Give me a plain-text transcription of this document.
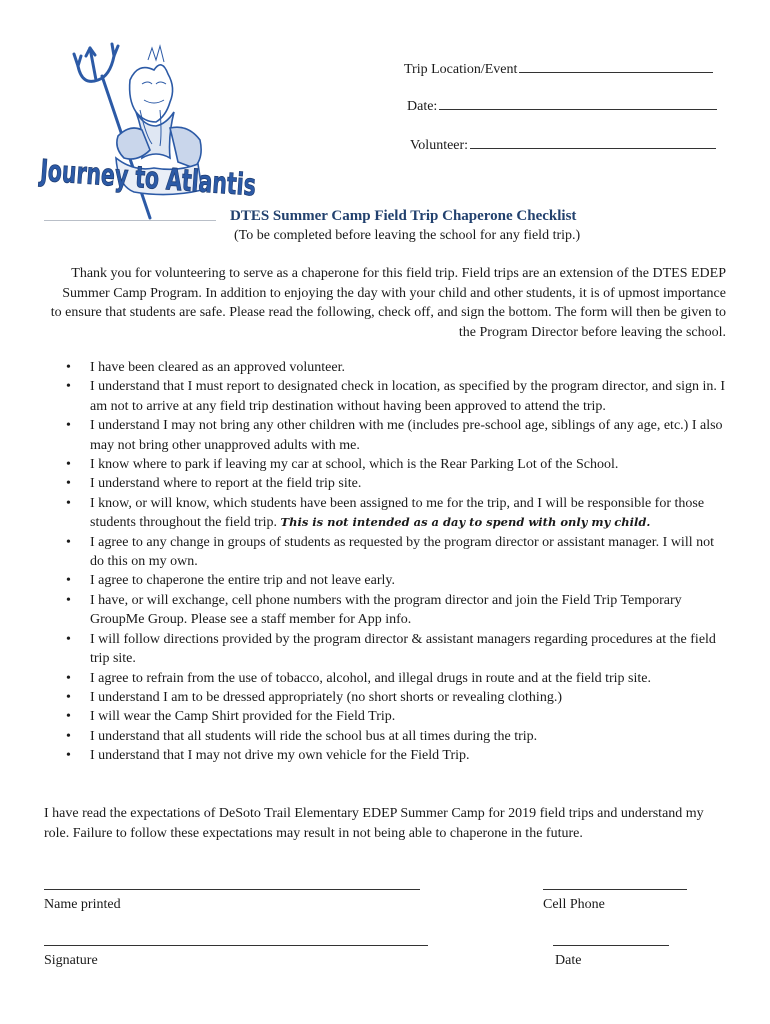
Journey to Atlantis
Trip Location/Event
Date:
Volunteer:
DTES Summer Camp Field Trip Chaperone Checklist
(To be completed before leaving the school for any field trip.)
Thank you for volunteering to serve as a chaperone for this field trip. Field trips are an extension of the DTES EDEP Summer Camp Program. In addition to enjoying the day with your child and other students, it is of upmost importance to ensure that students are safe. Please read the following, check off, and sign the bottom. The form will then be given to the Program Director before leaving the school.
• I have been cleared as an approved volunteer.
• I understand that I must report to designated check in location, as specified by the program director, and sign in. I am not to arrive at any field trip destination without having been approved to attend the trip.
• I understand I may not bring any other children with me (includes pre-school age, siblings of any age, etc.) I also may not bring other unapproved adults with me.
• I know where to park if leaving my car at school, which is the Rear Parking Lot of the School.
• I understand where to report at the field trip site.
• I know, or will know, which students have been assigned to me for the trip, and I will be responsible for those students throughout the field trip. This is not intended as a day to spend with only my child.
• I agree to any change in groups of students as requested by the program director or assistant manager. I will not do this on my own.
• I agree to chaperone the entire trip and not leave early.
• I have, or will exchange, cell phone numbers with the program director and join the Field Trip Temporary GroupMe Group. Please see a staff member for App info.
• I will follow directions provided by the program director & assistant managers regarding procedures at the field trip site.
• I agree to refrain from the use of tobacco, alcohol, and illegal drugs in route and at the field trip site.
• I understand I am to be dressed appropriately (no short shorts or revealing clothing.)
• I will wear the Camp Shirt provided for the Field Trip.
• I understand that all students will ride the school bus at all times during the trip.
• I understand that I may not drive my own vehicle for the Field Trip.
I have read the expectations of DeSoto Trail Elementary EDEP Summer Camp for 2019 field trips and understand my role. Failure to follow these expectations may result in not being able to chaperone in the future.
Name printed	Cell Phone
Signature	Date
